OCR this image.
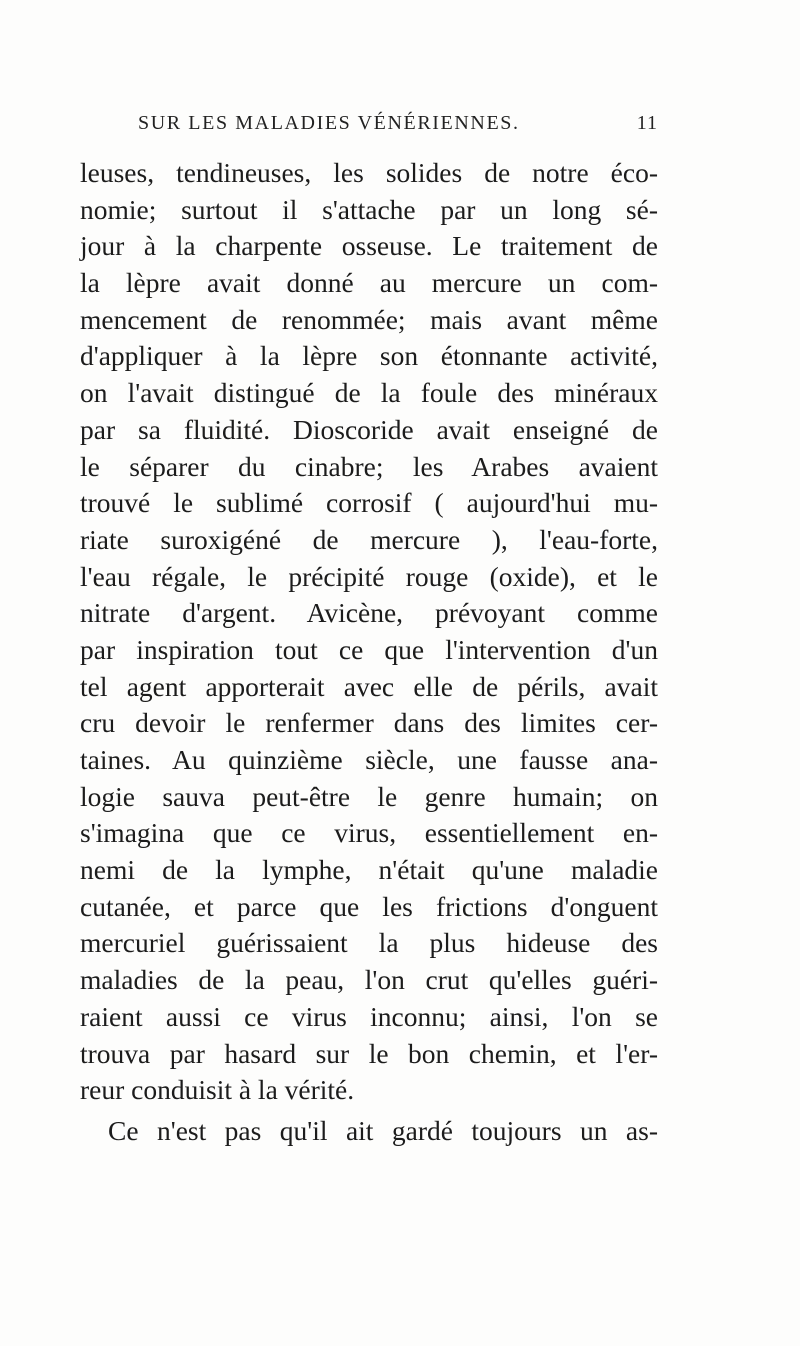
SUR LES MALADIES VÉNÉRIENNES.	11
leuses, tendineuses, les solides de notre éco-
nomie; surtout il s'attache par un long sé-
jour à la charpente osseuse. Le traitement de
la lèpre avait donné au mercure un com-
mencement de renommée; mais avant même
d'appliquer à la lèpre son étonnante activité,
on l'avait distingué de la foule des minéraux
par sa fluidité. Dioscoride avait enseigné de
le séparer du cinabre; les Arabes avaient
trouvé le sublimé corrosif ( aujourd'hui mu-
riate suroxigéné de mercure ), l'eau-forte,
l'eau régale, le précipité rouge (oxide), et le
nitrate d'argent. Avicène, prévoyant comme
par inspiration tout ce que l'intervention d'un
tel agent apporterait avec elle de périls, avait
cru devoir le renfermer dans des limites cer-
taines. Au quinzième siècle, une fausse ana-
logie sauva peut-être le genre humain; on
s'imagina que ce virus, essentiellement en-
nemi de la lymphe, n'était qu'une maladie
cutanée, et parce que les frictions d'onguent
mercuriel guérissaient la plus hideuse des
maladies de la peau, l'on crut qu'elles guéri-
raient aussi ce virus inconnu; ainsi, l'on se
trouva par hasard sur le bon chemin, et l'er-
reur conduisit à la vérité.
Ce n'est pas qu'il ait gardé toujours un as-
